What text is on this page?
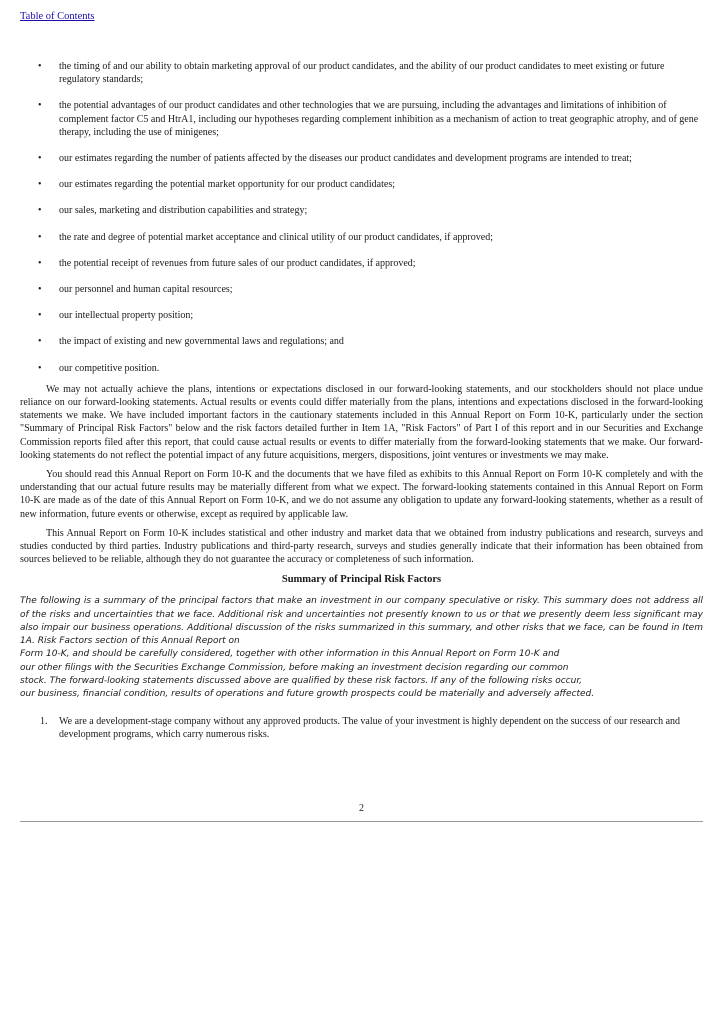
Table of Contents
• the timing of and our ability to obtain marketing approval of our product candidates, and the ability of our product candidates to meet existing or future regulatory standards;
• the potential advantages of our product candidates and other technologies that we are pursuing, including the advantages and limitations of inhibition of complement factor C5 and HtrA1, including our hypotheses regarding complement inhibition as a mechanism of action to treat geographic atrophy, and of gene therapy, including the use of minigenes;
• our estimates regarding the number of patients affected by the diseases our product candidates and development programs are intended to treat;
• our estimates regarding the potential market opportunity for our product candidates;
• our sales, marketing and distribution capabilities and strategy;
• the rate and degree of potential market acceptance and clinical utility of our product candidates, if approved;
• the potential receipt of revenues from future sales of our product candidates, if approved;
• our personnel and human capital resources;
• our intellectual property position;
• the impact of existing and new governmental laws and regulations; and
• our competitive position.

We may not actually achieve the plans, intentions or expectations disclosed in our forward-looking statements, and our stockholders should not place undue reliance on our forward-looking statements. Actual results or events could differ materially from the plans, intentions and expectations disclosed in the forward-looking statements we make. We have included important factors in the cautionary statements included in this Annual Report on Form 10-K, particularly under the section "Summary of Principal Risk Factors" below and the risk factors detailed further in Item 1A, "Risk Factors" of Part I of this report and in our Securities and Exchange Commission reports filed after this report, that could cause actual results or events to differ materially from the forward-looking statements that we make. Our forward-looking statements do not reflect the potential impact of any future acquisitions, mergers, dispositions, joint ventures or investments we may make.

You should read this Annual Report on Form 10-K and the documents that we have filed as exhibits to this Annual Report on Form 10-K completely and with the understanding that our actual future results may be materially different from what we expect. The forward-looking statements contained in this Annual Report on Form 10-K are made as of the date of this Annual Report on Form 10-K, and we do not assume any obligation to update any forward-looking statements, whether as a result of new information, future events or otherwise, except as required by applicable law.

This Annual Report on Form 10-K includes statistical and other industry and market data that we obtained from industry publications and research, surveys and studies conducted by third parties. Industry publications and third-party research, surveys and studies generally indicate that their information has been obtained from sources believed to be reliable, although they do not guarantee the accuracy or completeness of such information.

Summary of Principal Risk Factors

The following is a summary of the principal factors that make an investment in our company speculative or risky. This summary does not address all of the risks and uncertainties that we face. Additional risk and uncertainties not presently known to us or that we presently deem less significant may also impair our business operations. Additional discussion of the risks summarized in this summary, and other risks that we face, can be found in Item 1A. Risk Factors section of this Annual Report on

Form 10-K, and should be carefully considered, together with other information in this Annual Report on Form 10-K and

our other filings with the Securities Exchange Commission, before making an investment decision regarding our common

stock. The forward-looking statements discussed above are qualified by these risk factors. If any of the following risks occur,

our business, financial condition, results of operations and future growth prospects could be materially and adversely affected.

1. We are a development-stage company without any approved products. The value of your investment is highly dependent on the success of our research and development programs, which carry numerous risks.
2
